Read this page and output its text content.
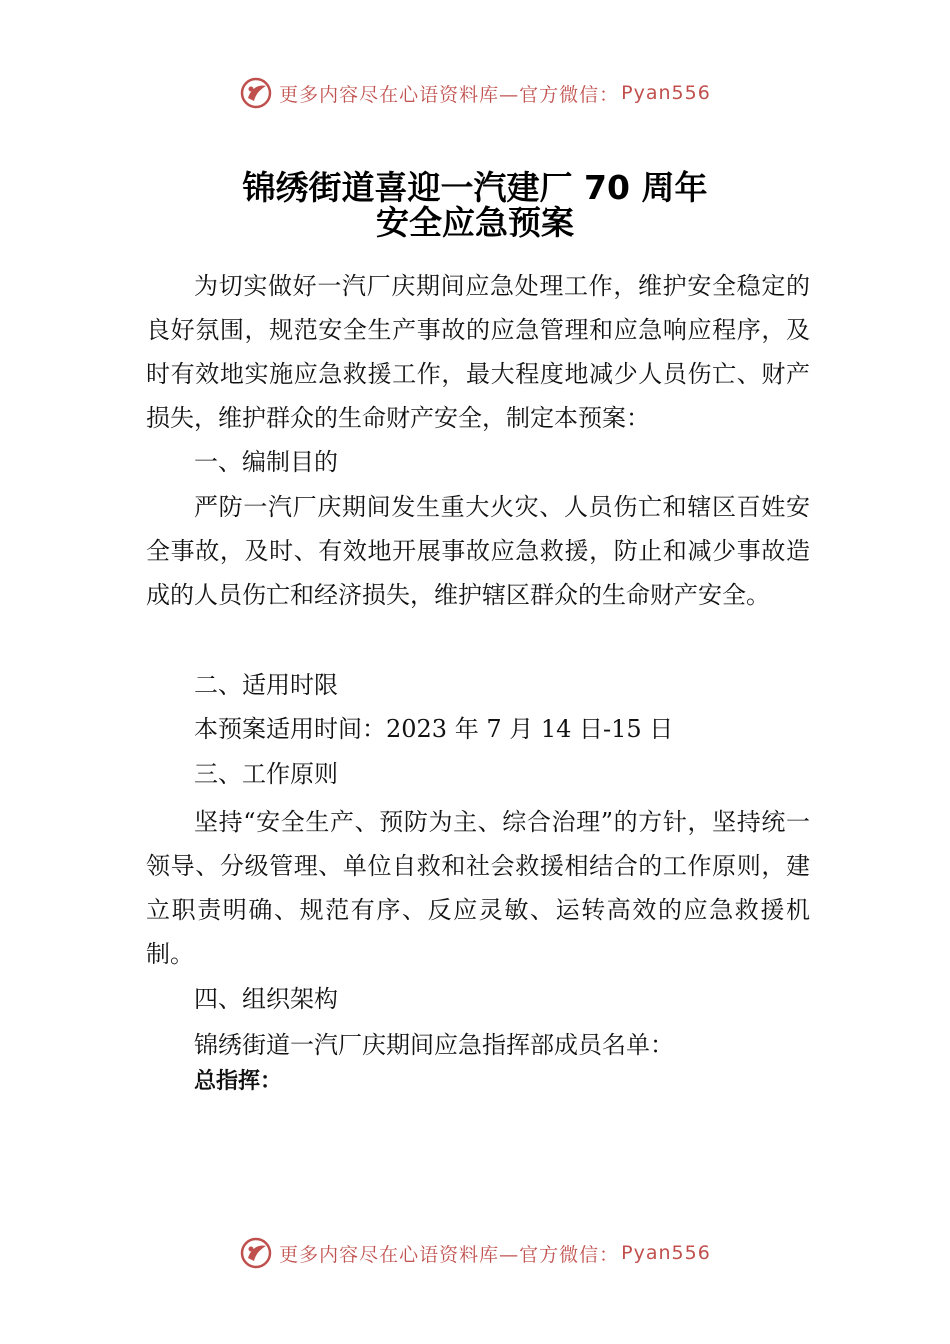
更多内容尽在心语资料库—官方微信： Pyan556
锦绣街道喜迎一汽建厂 70 周年
安全应急预案

为切实做好一汽厂庆期间应急处理工作，维护安全稳定的良好氛围，规范安全生产事故的应急管理和应急响应程序，及时有效地实施应急救援工作，最大程度地减少人员伤亡、财产损失，维护群众的生命财产安全，制定本预案：

一、编制目的

严防一汽厂庆期间发生重大火灾、人员伤亡和辖区百姓安全事故，及时、有效地开展事故应急救援，防止和减少事故造成的人员伤亡和经济损失，维护辖区群众的生命财产安全。

二、适用时限
本预案适用时间：2023 年 7 月 14 日-15 日
三、工作原则

坚持“安全生产、预防为主、综合治理”的方针，坚持统一领导、分级管理、单位自救和社会救援相结合的工作原则，建立职责明确、规范有序、反应灵敏、运转高效的应急救援机制。

四、组织架构
锦绣街道一汽厂庆期间应急指挥部成员名单：
总指挥：
更多内容尽在心语资料库—官方微信： Pyan556
